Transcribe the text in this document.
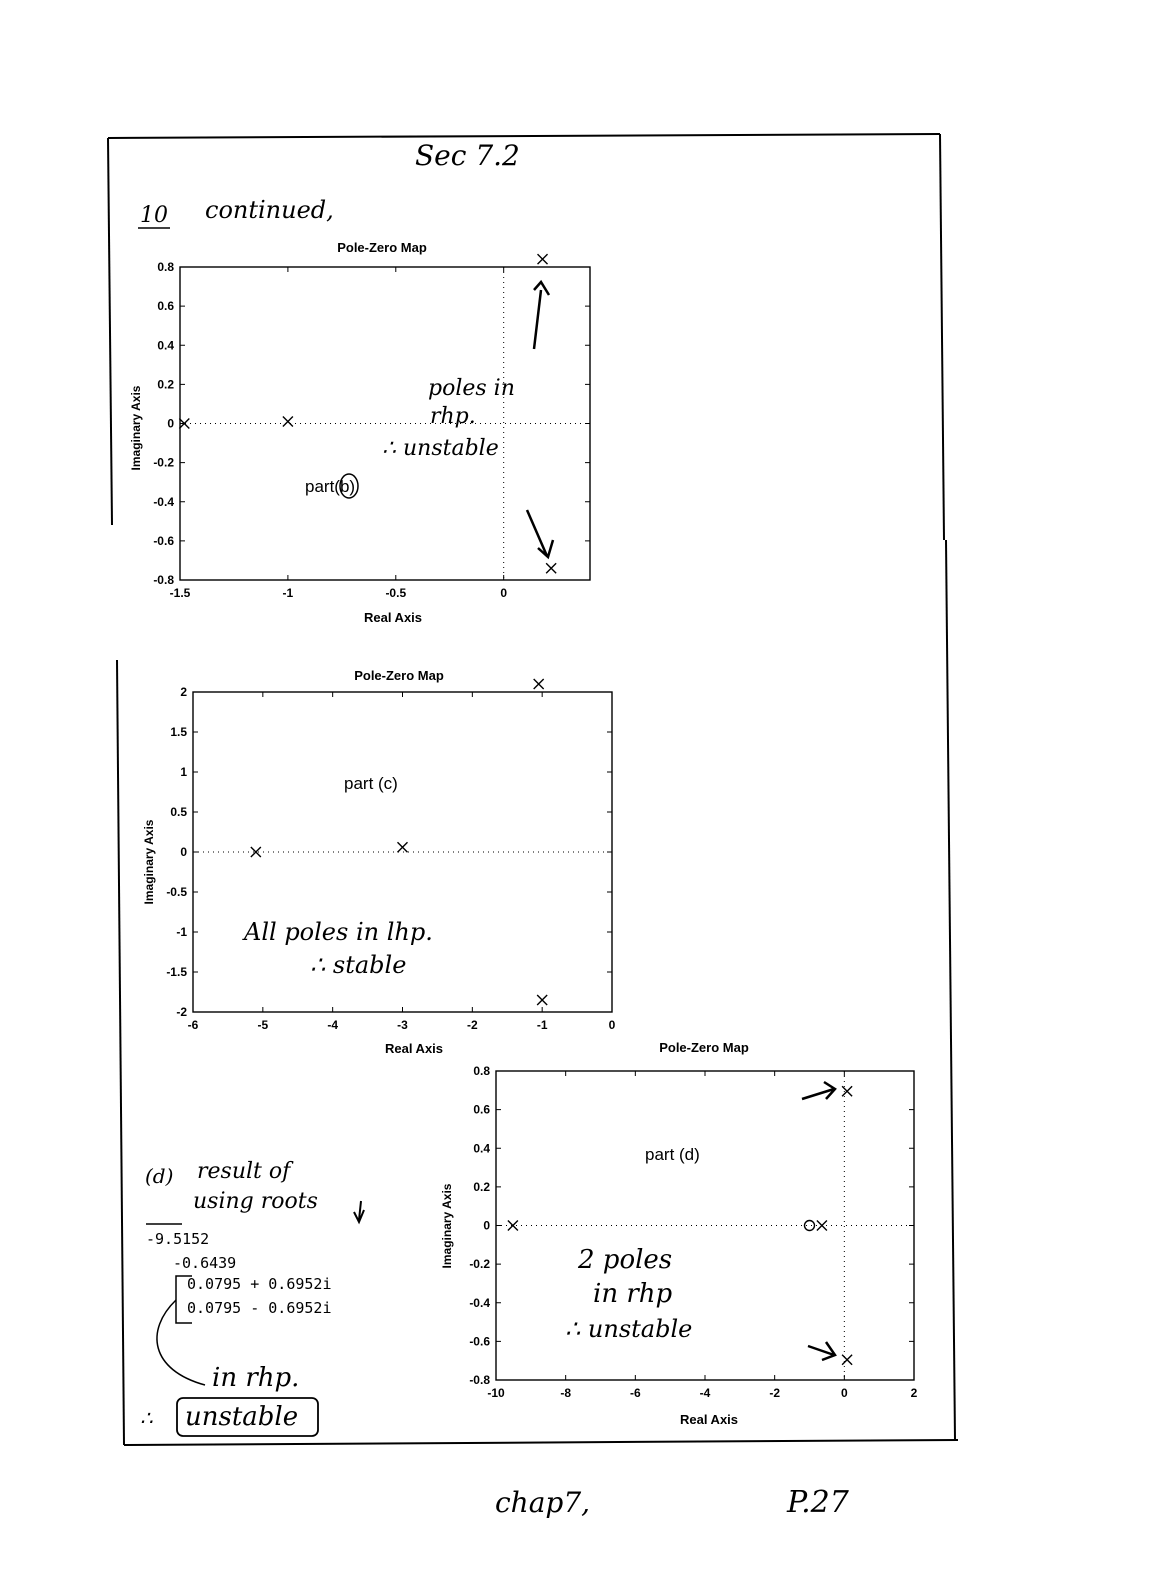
Sec 7.2
10 continued,
Pole-Zero Map
Real Axis
Imaginary Axis
part(b)
poles in
rhp.
∴ unstable
-1.5	-1	-0.5	0
-0.8
-0.6
-0.4
-0.2
0
0.2
0.4
0.6
0.8
Pole-Zero Map
Real Axis
Imaginary Axis
part (c)
All poles in lhp.
∴ stable
-6	-5	-4	-3	-2	-1	0
-2
-1.5
-1
-0.5
0
0.5
1
1.5
2
Pole-Zero Map
Real Axis
Imaginary Axis
part (d)
2 poles
in rhp
∴ unstable
-10	-8	-6	-4	-2	0	2
-0.8
-0.6
-0.4
-0.2
0
0.2
0.4
0.6
0.8
(d) result of
using roots
-9.5152
-0.6439
0.0795 + 0.6952i
0.0795 - 0.6952i
in rhp.
∴ unstable
chap7,	P.27
